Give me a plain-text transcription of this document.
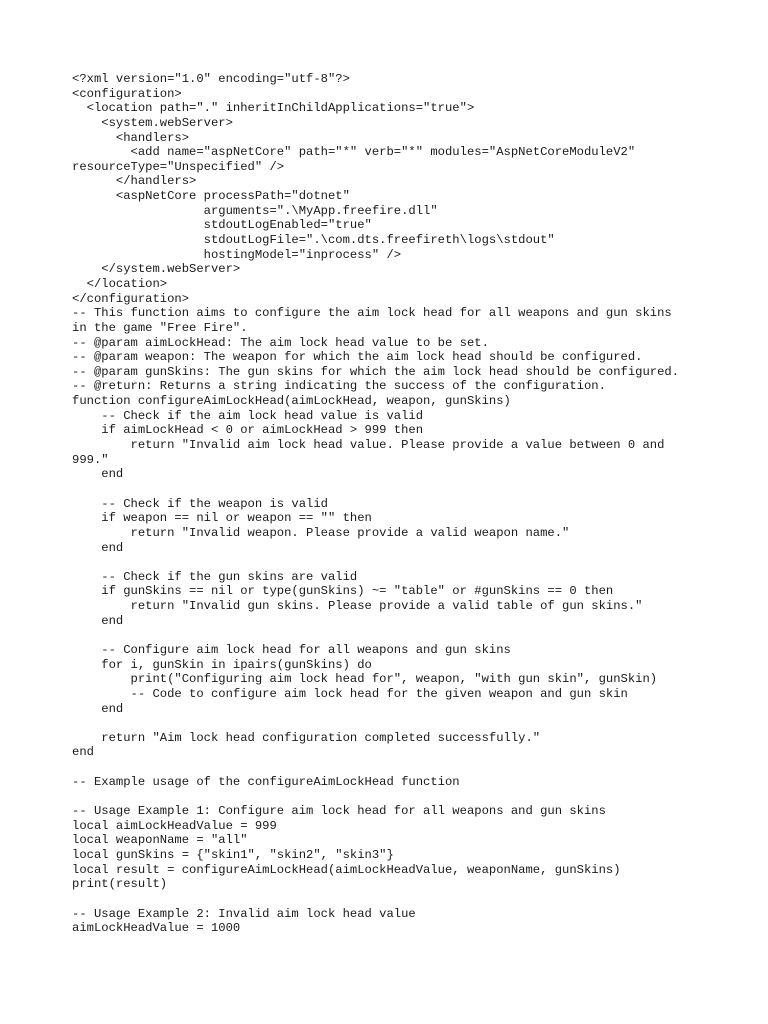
<?xml version="1.0" encoding="utf-8"?>
<configuration>
<location path="." inheritInChildApplications="true">
<system.webServer>
<handlers>
<add name="aspNetCore" path="*" verb="*" modules="AspNetCoreModuleV2"
resourceType="Unspecified" />
</handlers>
<aspNetCore processPath="dotnet"
arguments=".\MyApp.freefire.dll"
stdoutLogEnabled="true"
stdoutLogFile=".\com.dts.freefireth\logs\stdout"
hostingModel="inprocess" />
</system.webServer>
</location>
</configuration>
-- This function aims to configure the aim lock head for all weapons and gun skins
in the game "Free Fire".
-- @param aimLockHead: The aim lock head value to be set.
-- @param weapon: The weapon for which the aim lock head should be configured.
-- @param gunSkins: The gun skins for which the aim lock head should be configured.
-- @return: Returns a string indicating the success of the configuration.
function configureAimLockHead(aimLockHead, weapon, gunSkins)
-- Check if the aim lock head value is valid
if aimLockHead < 0 or aimLockHead > 999 then
return "Invalid aim lock head value. Please provide a value between 0 and
999."
end
-- Check if the weapon is valid
if weapon == nil or weapon == "" then
return "Invalid weapon. Please provide a valid weapon name."
end
-- Check if the gun skins are valid
if gunSkins == nil or type(gunSkins) ~= "table" or #gunSkins == 0 then
return "Invalid gun skins. Please provide a valid table of gun skins."
end
-- Configure aim lock head for all weapons and gun skins
for i, gunSkin in ipairs(gunSkins) do
print("Configuring aim lock head for", weapon, "with gun skin", gunSkin)
-- Code to configure aim lock head for the given weapon and gun skin
end
return "Aim lock head configuration completed successfully."
end
-- Example usage of the configureAimLockHead function
-- Usage Example 1: Configure aim lock head for all weapons and gun skins
local aimLockHeadValue = 999
local weaponName = "all"
local gunSkins = {"skin1", "skin2", "skin3"}
local result = configureAimLockHead(aimLockHeadValue, weaponName, gunSkins)
print(result)
-- Usage Example 2: Invalid aim lock head value
aimLockHeadValue = 1000
